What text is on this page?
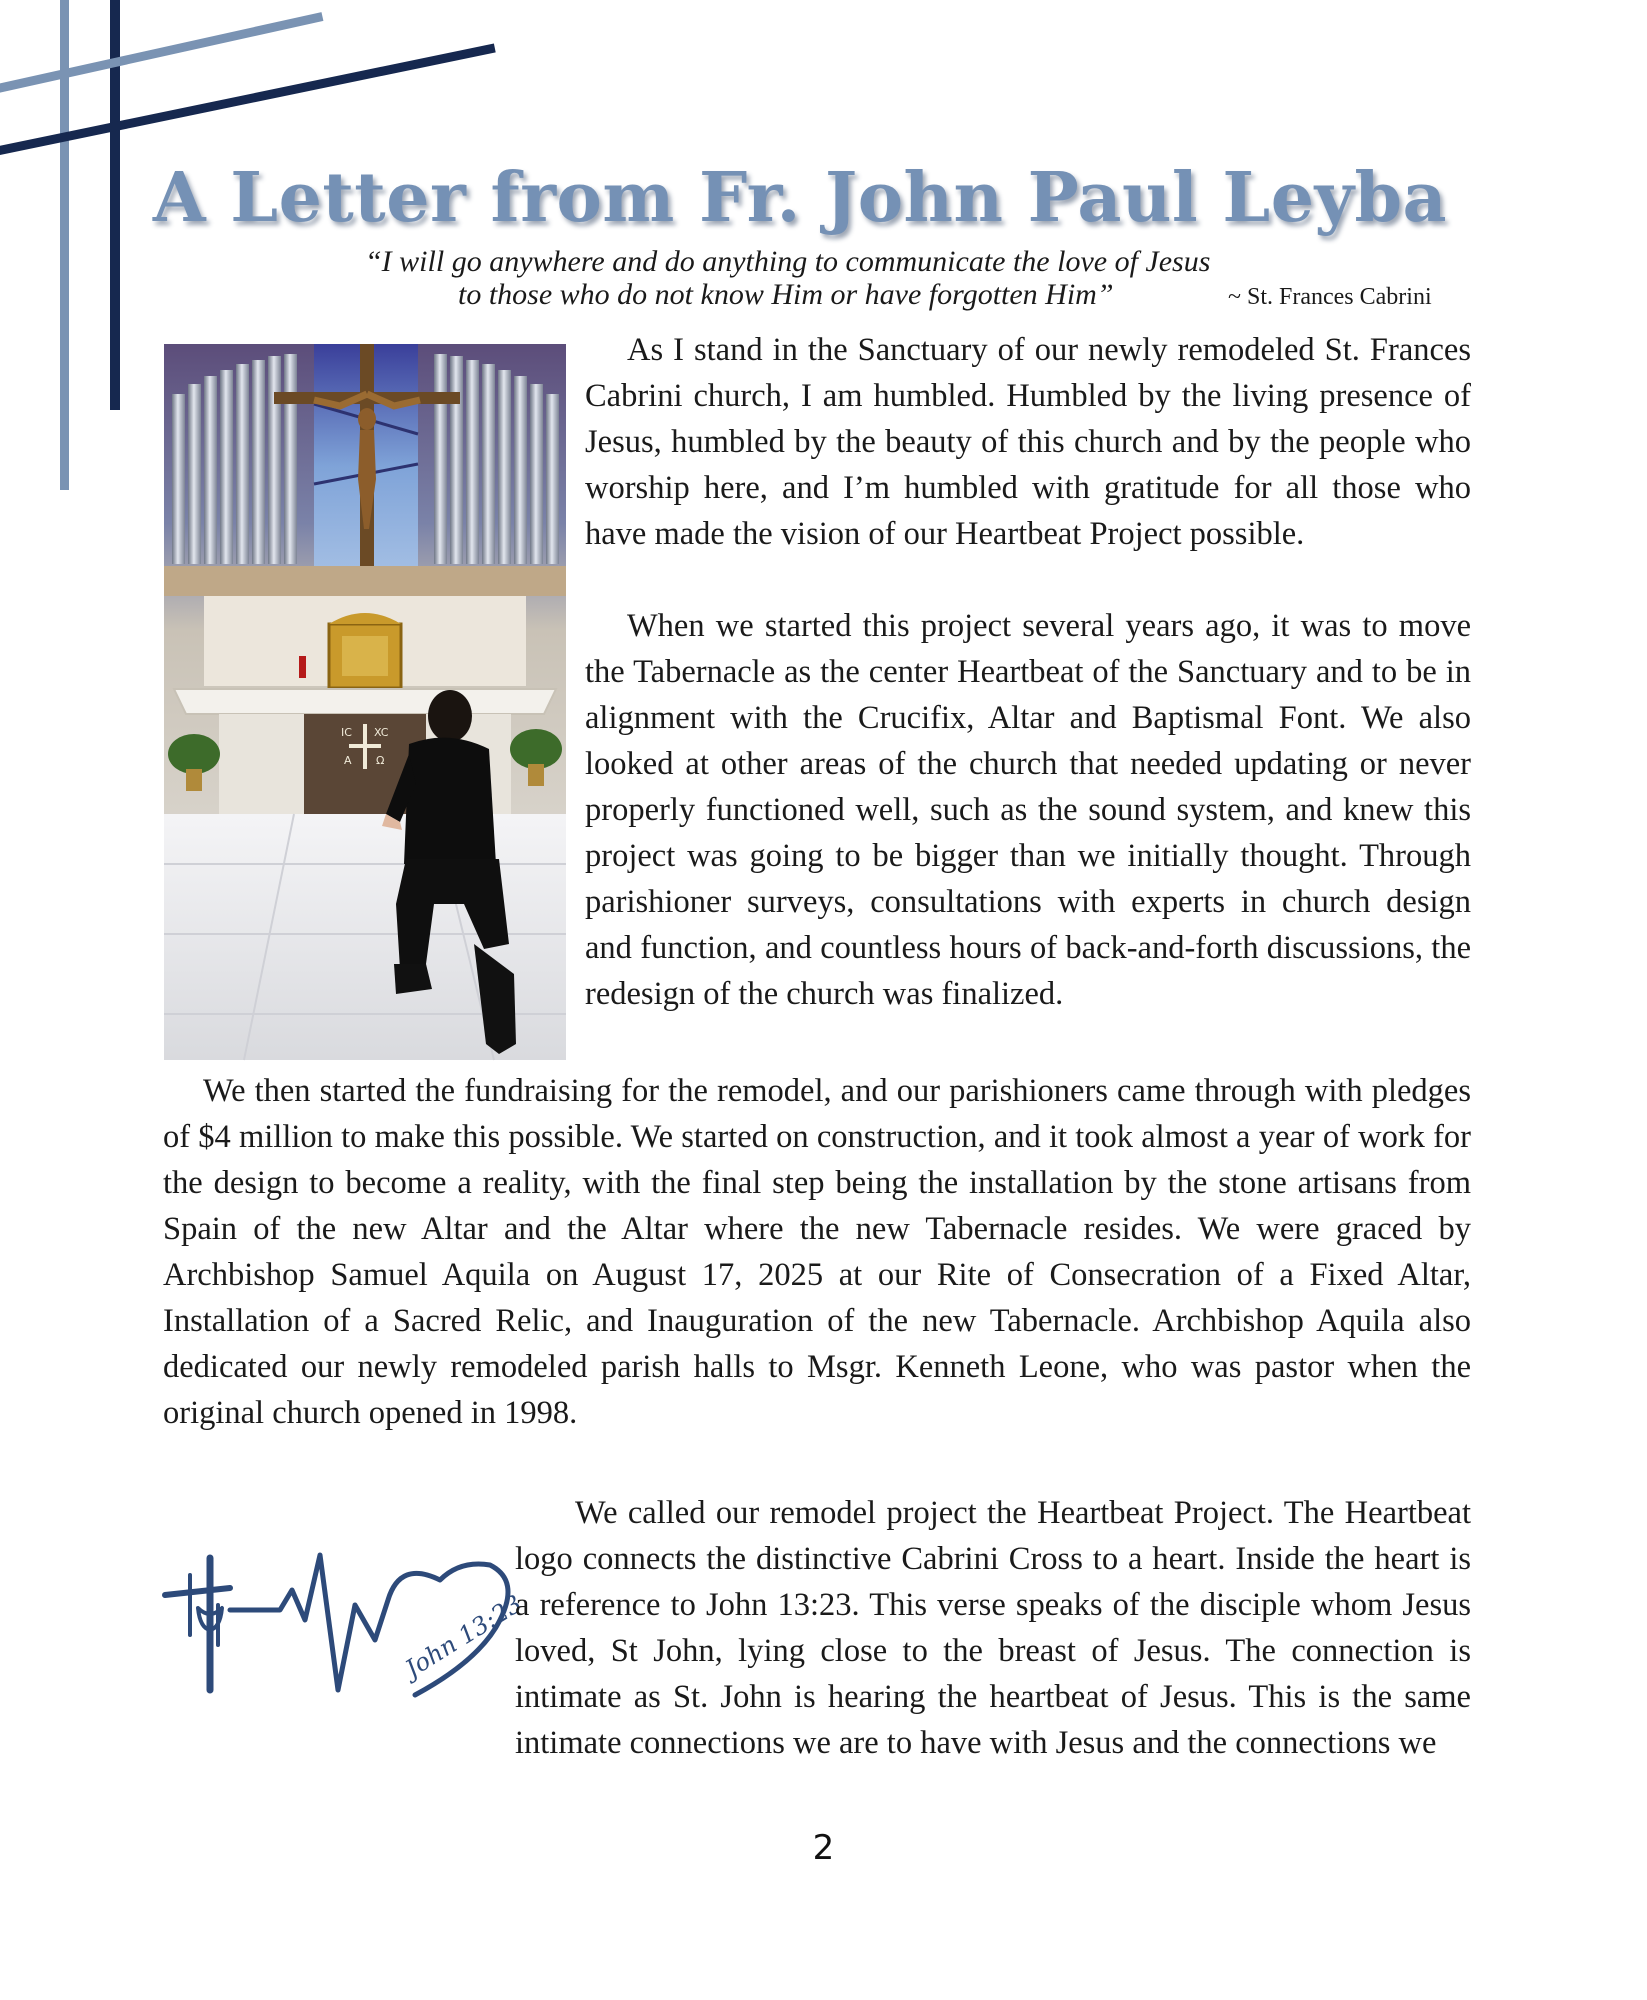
A Letter from Fr. John Paul Leyba
“I will go anywhere and do anything to communicate the love of Jesus
to those who do not know Him or have forgotten Him”	~ St. Frances Cabrini
IC XC
A Ω

As I stand in the Sanctuary of our newly remodeled St. Frances Cabrini church, I am humbled. Humbled by the living presence of Jesus, humbled by the beauty of this church and by the people who worship here, and I’m humbled with gratitude for all those who have made the vision of our Heartbeat Project possible.

When we started this project several years ago, it was to move the Tabernacle as the center Heartbeat of the Sanctuary and to be in alignment with the Crucifix, Altar and Baptismal Font. We also looked at other areas of the church that needed updating or never properly functioned well, such as the sound system, and knew this project was going to be bigger than we initially thought. Through parishioner surveys, consultations with experts in church design and function, and countless hours of back-and-forth discussions, the redesign of the church was finalized.

We then started the fundraising for the remodel, and our parishioners came through with pledges of $4 million to make this possible. We started on construction, and it took almost a year of work for the design to become a reality, with the final step being the installation by the stone artisans from Spain of the new Altar and the Altar where the new Tabernacle resides. We were graced by Archbishop Samuel Aquila on August 17, 2025 at our Rite of Consecration of a Fixed Altar, Installation of a Sacred Relic, and Inauguration of the new Tabernacle. Archbishop Aquila also dedicated our newly remodeled parish halls to Msgr. Kenneth Leone, who was pastor when the original church opened in 1998.

John 13:23

We called our remodel project the Heartbeat Project. The Heartbeat logo connects the distinctive Cabrini Cross to a heart. Inside the heart is a reference to John 13:23. This verse speaks of the disciple whom Jesus loved, St John, lying close to the breast of Jesus. The connection is intimate as St. John is hearing the heartbeat of Jesus. This is the same intimate connections we are to have with Jesus and the connections we

2
